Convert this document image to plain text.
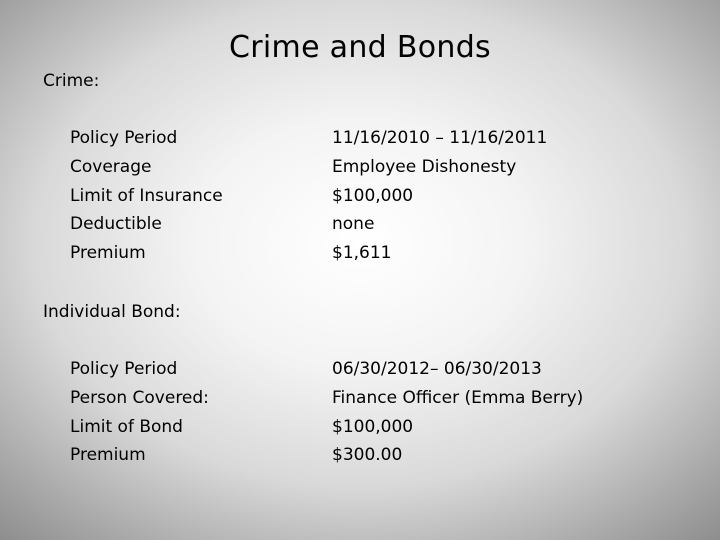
Crime and Bonds
Crime:
Policy Period
Coverage
Limit of Insurance
Deductible
Premium
11/16/2010 – 11/16/2011
Employee Dishonesty
$100,000
none
$1,611
Individual Bond:
Policy Period
Person Covered:
Limit of Bond
Premium
06/30/2012– 06/30/2013
Finance Officer (Emma Berry)
$100,000
$300.00
